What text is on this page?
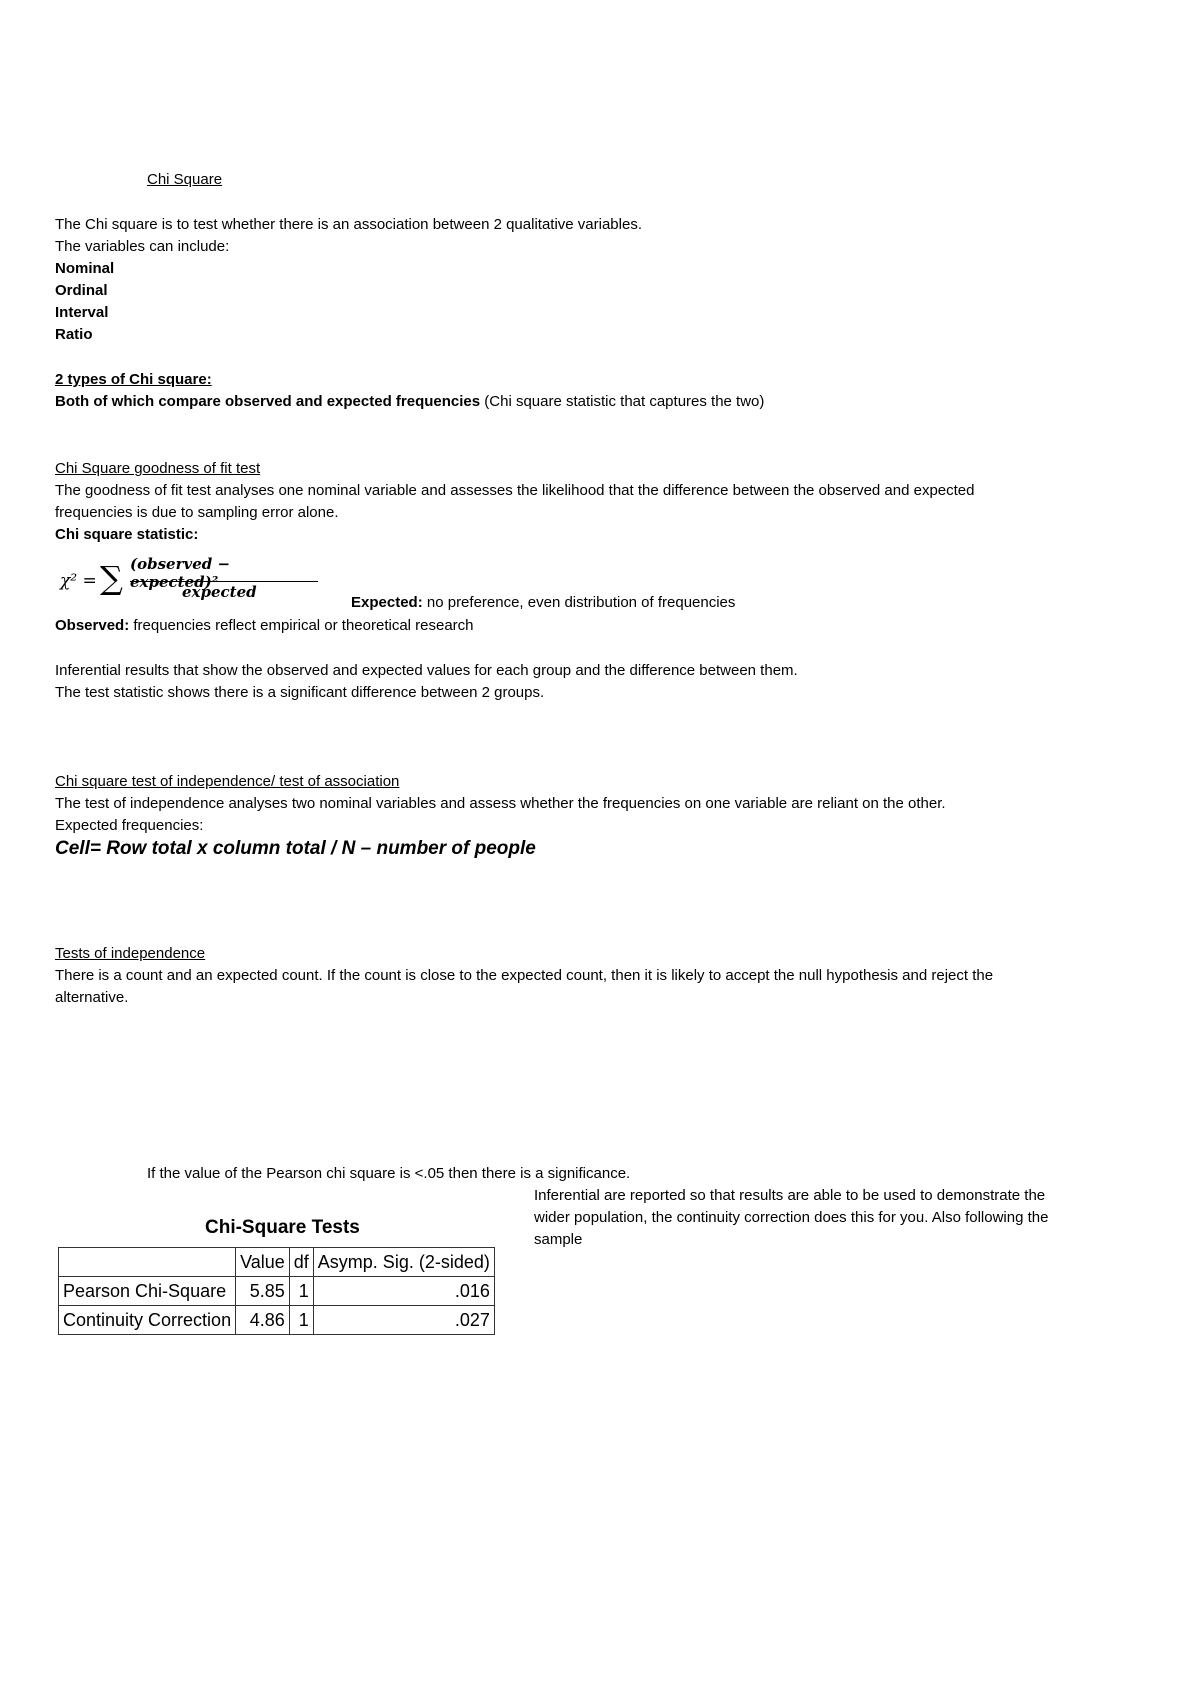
Chi Square
The Chi square is to test whether there is an association between 2 qualitative variables.
The variables can include:
Nominal
Ordinal
Interval
Ratio
2 types of Chi square:
Both of which compare observed and expected frequencies (Chi square statistic that captures the two)
Chi Square goodness of fit test
The goodness of fit test analyses one nominal variable and assesses the likelihood that the difference between the observed and expected frequencies is due to sampling error alone.
Chi square statistic:
χ² = ∑ (observed − expected)²
expected
Expected: no preference, even distribution of frequencies
Observed: frequencies reflect empirical or theoretical research
Inferential results that show the observed and expected values for each group and the difference between them.
The test statistic shows there is a significant difference between 2 groups.
Chi square test of independence/ test of association
The test of independence analyses two nominal variables and assess whether the frequencies on one variable are reliant on the other.
Expected frequencies:
Cell= Row total x column total / N – number of people
Tests of independence
There is a count and an expected count. If the count is close to the expected count, then it is likely to accept the null hypothesis and reject the alternative.
If the value of the Pearson chi square is <.05 then there is a significance.
Inferential are reported so that results are able to be used to demonstrate the wider population, the continuity correction does this for you. Also following the sample
Chi-Square Tests
	Value	df	Asymp. Sig. (2-sided)
Pearson Chi-Square	5.85	1	.016
Continuity Correction	4.86	1	.027
